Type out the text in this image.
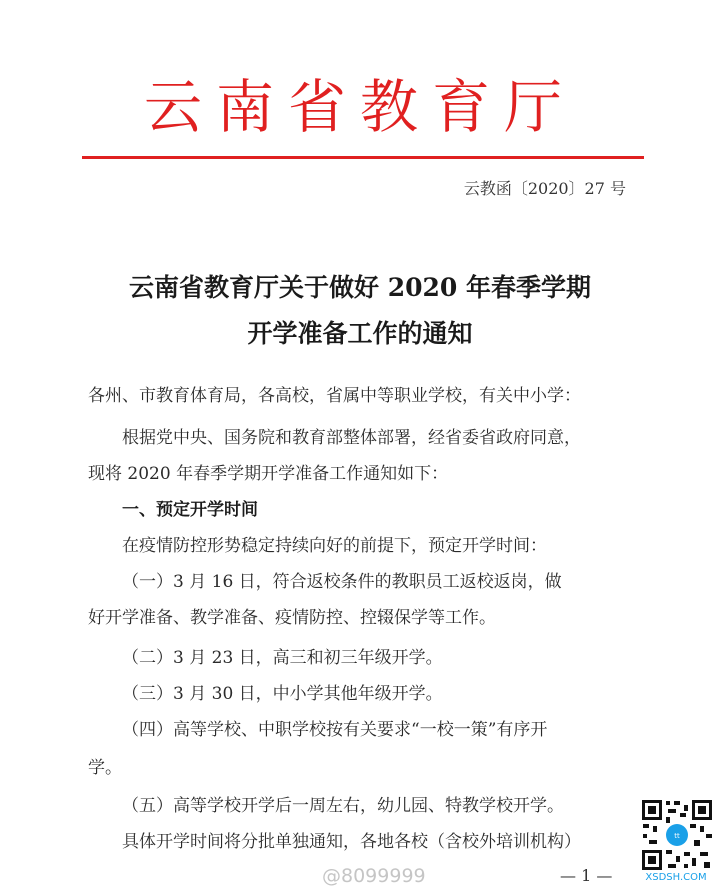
云南省教育厅
云教函〔2020〕27 号
云南省教育厅关于做好 2020 年春季学期
开学准备工作的通知
各州、市教育体育局，各高校，省属中等职业学校，有关中小学：
根据党中央、国务院和教育部整体部署，经省委省政府同意，
现将 2020 年春季学期开学准备工作通知如下：
一、预定开学时间
在疫情防控形势稳定持续向好的前提下，预定开学时间：
（一）3 月 16 日，符合返校条件的教职员工返校返岗，做
好开学准备、教学准备、疫情防控、控辍保学等工作。
（二）3 月 23 日，高三和初三年级开学。
（三）3 月 30 日，中小学其他年级开学。
（四）高等学校、中职学校按有关要求“一校一策”有序开
学。
（五）高等学校开学后一周左右，幼儿园、特教学校开学。
具体开学时间将分批单独通知，各地各校（含校外培训机构）
@8099999	— 1 —
tt
XSDSH.COM
